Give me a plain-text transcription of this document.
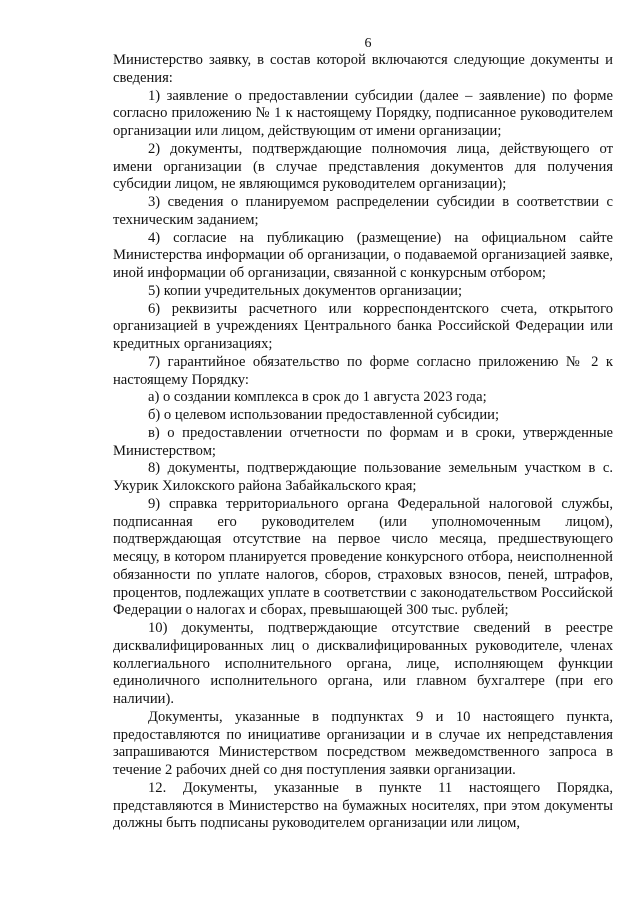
6

Министерство заявку, в состав которой включаются следующие документы и сведения:

1) заявление о предоставлении субсидии (далее – заявление) по форме согласно приложению № 1 к настоящему Порядку, подписанное руководителем организации или лицом, действующим от имени организации;

2) документы, подтверждающие полномочия лица, действующего от имени организации (в случае представления документов для получения субсидии лицом, не являющимся руководителем организации);

3) сведения о планируемом распределении субсидии в соответствии с техническим заданием;

4) согласие на публикацию (размещение) на официальном сайте Министерства информации об организации, о подаваемой организацией заявке, иной информации об организации, связанной с конкурсным отбором;

5) копии учредительных документов организации;

6) реквизиты расчетного или корреспондентского счета, открытого организацией в учреждениях Центрального банка Российской Федерации или кредитных организациях;

7) гарантийное обязательство по форме согласно приложению № 2 к настоящему Порядку:

а) о создании комплекса в срок до 1 августа 2023 года;

б) о целевом использовании предоставленной субсидии;

в) о предоставлении отчетности по формам и в сроки, утвержденные Министерством;

8) документы, подтверждающие пользование земельным участком в с. Укурик Хилокского района Забайкальского края;

9) справка территориального органа Федеральной налоговой службы, подписанная его руководителем (или уполномоченным лицом), подтверждающая отсутствие на первое число месяца, предшествующего месяцу, в котором планируется проведение конкурсного отбора, неисполненной обязанности по уплате налогов, сборов, страховых взносов, пеней, штрафов, процентов, подлежащих уплате в соответствии с законодательством Российской Федерации о налогах и сборах, превышающей 300 тыс. рублей;

10) документы, подтверждающие отсутствие сведений в реестре дисквалифицированных лиц о дисквалифицированных руководителе, членах коллегиального исполнительного органа, лице, исполняющем функции единоличного исполнительного органа, или главном бухгалтере (при его наличии).

Документы, указанные в подпунктах 9 и 10 настоящего пункта, предоставляются по инициативе организации и в случае их непредставления запрашиваются Министерством посредством межведомственного запроса в течение 2 рабочих дней со дня поступления заявки организации.

12. Документы, указанные в пункте 11 настоящего Порядка, представляются в Министерство на бумажных носителях, при этом документы должны быть подписаны руководителем организации или лицом,
